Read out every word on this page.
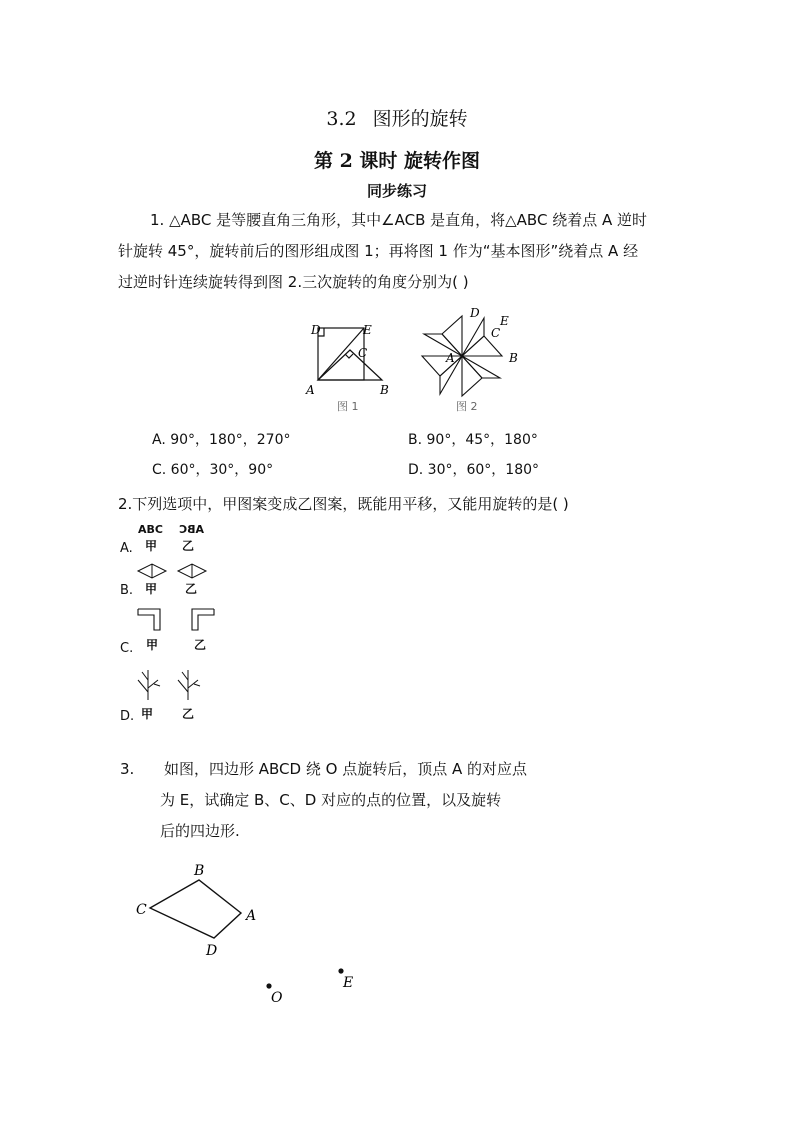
3.2 图形的旋转
第 2 课时 旋转作图
同步练习
1. △ABC 是等腰直角三角形，其中∠ACB 是直角，将△ABC 绕着点 A 逆时
针旋转 45°，旋转前后的图形组成图 1；再将图 1 作为“基本图形”绕着点 A 经
过逆时针连续旋转得到图 2.三次旋转的角度分别为( )
D	E
C
A	B
图 1
D
E
C
A	B
图 2
A. 90°，180°，270°	B. 90°，45°，180°
C. 60°，30°，90°	D. 30°，60°，180°
2.下列选项中，甲图案变成乙图案，既能用平移，又能用旋转的是( )
A.
ABC
甲
ABC
乙
B. 甲 乙
C. 甲	乙
D. 甲 乙
3. 如图，四边形 ABCD 绕 O 点旋转后，顶点 A 的对应点
为 E，试确定 B、C、D 对应的点的位置，以及旋转
后的四边形.
B
C	A
D
O
E
